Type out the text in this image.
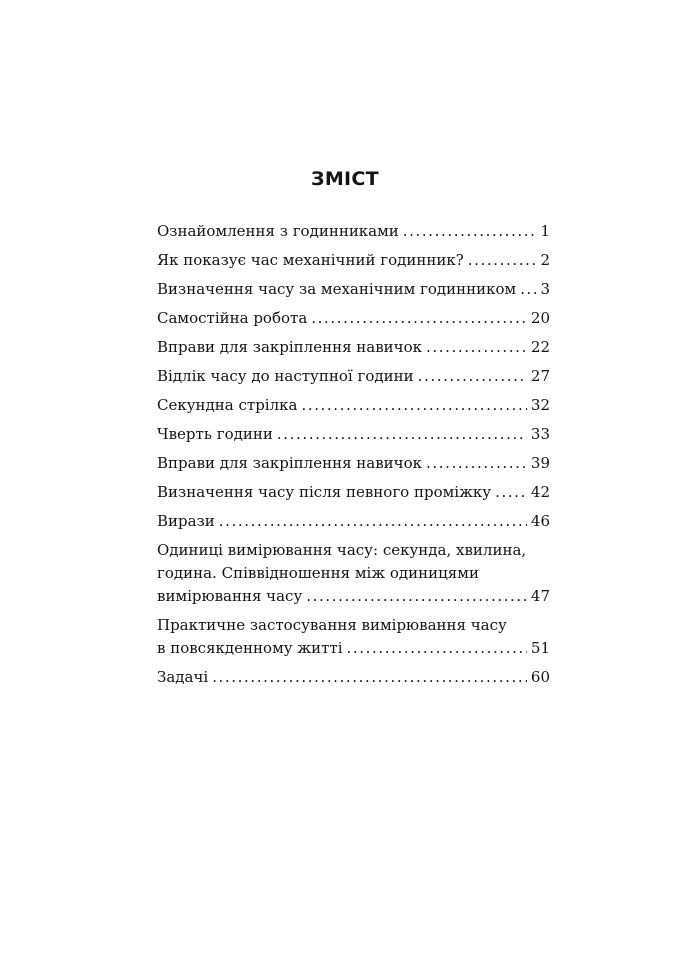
ЗМІСТ
Ознайомлення з годинниками .....	1
Як показує час механічний годинник? .....	2
Визначення часу за механічним годинником ..... 3
Самостійна робота .....	20
Вправи для закріплення навичок .....	22
Відлік часу до наступної години .....	27
Секундна стрілка .....	32
Чверть години .....	33
Вправи для закріплення навичок .....	39
Визначення часу після певного проміжку .....	42
Вирази .....	46
Одиниці вимірювання часу: секунда, хвилина,
година. Співвідношення між одиницями
вимірювання часу .....	47
Практичне застосування вимірювання часу
в повсякденному житті .....	51
Задачі .....	60
